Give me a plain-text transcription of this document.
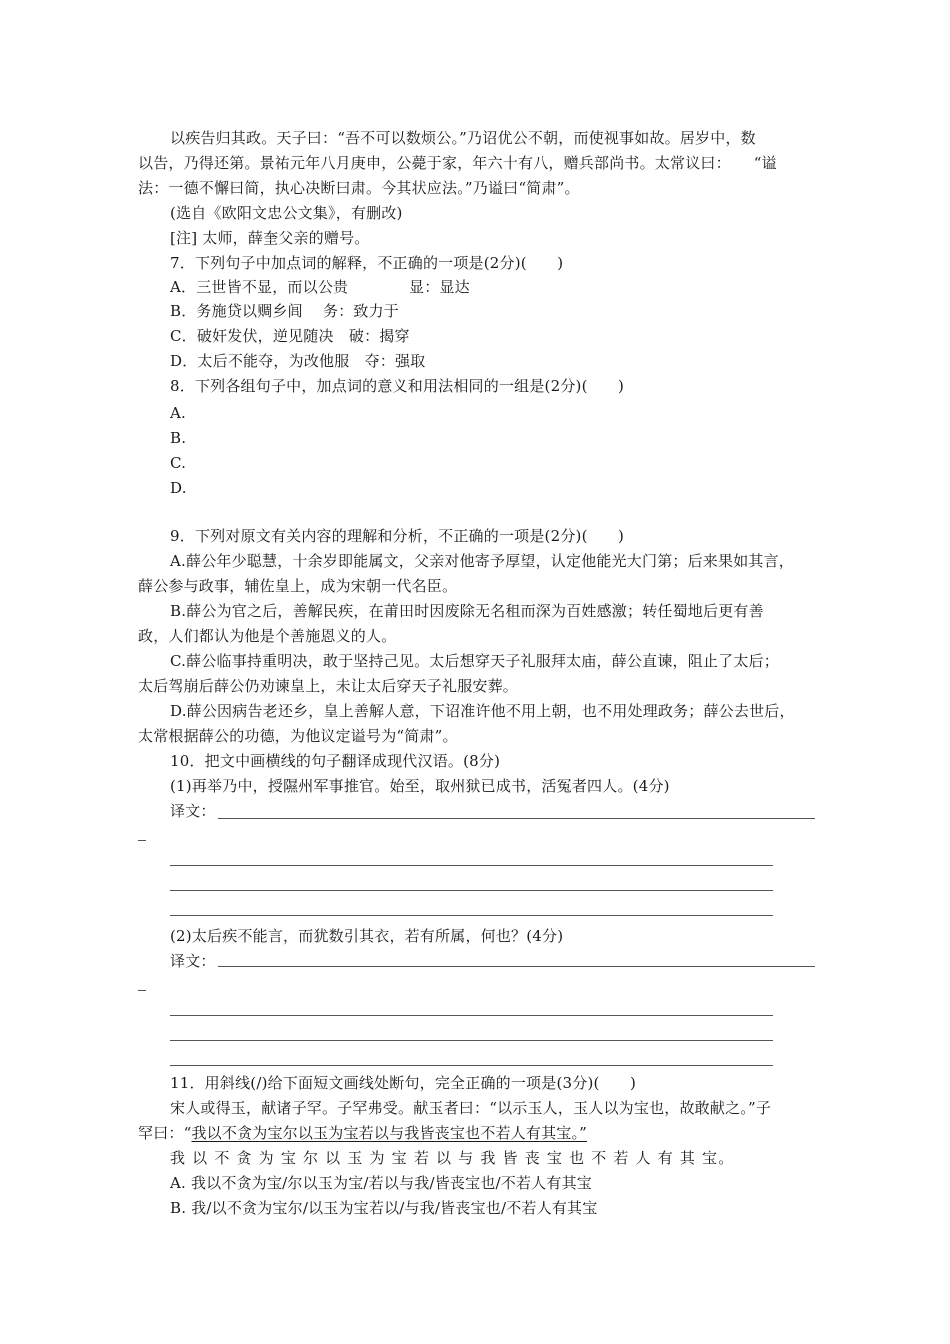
以疾告归其政。天子曰：“吾不可以数烦公。”乃诏优公不朝，而使视事如故。居岁中，数
以告，乃得还第。景祐元年八月庚申，公薨于家，年六十有八，赠兵部尚书。太常议曰：　　“谥
法：一德不懈曰简，执心决断曰肃。今其状应法。”乃谥曰“简肃”。
(选自《欧阳文忠公文集》，有删改)
[注] 太师，薛奎父亲的赠号。
7．下列句子中加点词的解释，不正确的一项是(2分)(　　)
A．三世皆不显，而以公贵　　　　显：显达
B．务施贷以赒乡闾　 务：致力于
C．破奸发伏，逆见随决　破：揭穿
D．太后不能夺，为改他服　夺：强取
8．下列各组句子中，加点词的意义和用法相同的一组是(2分)(　　)
A.
B.
C.
D.
9．下列对原文有关内容的理解和分析，不正确的一项是(2分)(　　)
A.薛公年少聪慧，十余岁即能属文，父亲对他寄予厚望，认定他能光大门第；后来果如其言，
薛公参与政事，辅佐皇上，成为宋朝一代名臣。
B.薛公为官之后，善解民疾，在莆田时因废除无名租而深为百姓感激；转任蜀地后更有善
政，人们都认为他是个善施恩义的人。
C.薛公临事持重明决，敢于坚持己见。太后想穿天子礼服拜太庙，薛公直谏，阻止了太后；
太后驾崩后薛公仍劝谏皇上，未让太后穿天子礼服安葬。
D.薛公因病告老还乡，皇上善解人意，下诏准许他不用上朝，也不用处理政务；薛公去世后，
太常根据薛公的功德，为他议定谥号为“简肃”。
10．把文中画横线的句子翻译成现代汉语。(8分)
(1)再举乃中，授隰州军事推官。始至，取州狱已成书，活冤者四人。(4分)
译文：
(2)太后疾不能言，而犹数引其衣，若有所属，何也？(4分)
译文：
11．用斜线(/)给下面短文画线处断句，完全正确的一项是(3分)(　　)
宋人或得玉，献诸子罕。子罕弗受。献玉者曰：“以示玉人，玉人以为宝也，故敢献之。”子
罕曰：“我以不贪为宝尔以玉为宝若以与我皆丧宝也不若人有其宝。”
我 以 不 贪 为 宝 尔 以 玉 为 宝 若 以 与 我 皆 丧 宝 也 不 若 人 有 其 宝。
A. 我以不贪为宝/尔以玉为宝/若以与我/皆丧宝也/不若人有其宝
B. 我/以不贪为宝尔/以玉为宝若以/与我/皆丧宝也/不若人有其宝
